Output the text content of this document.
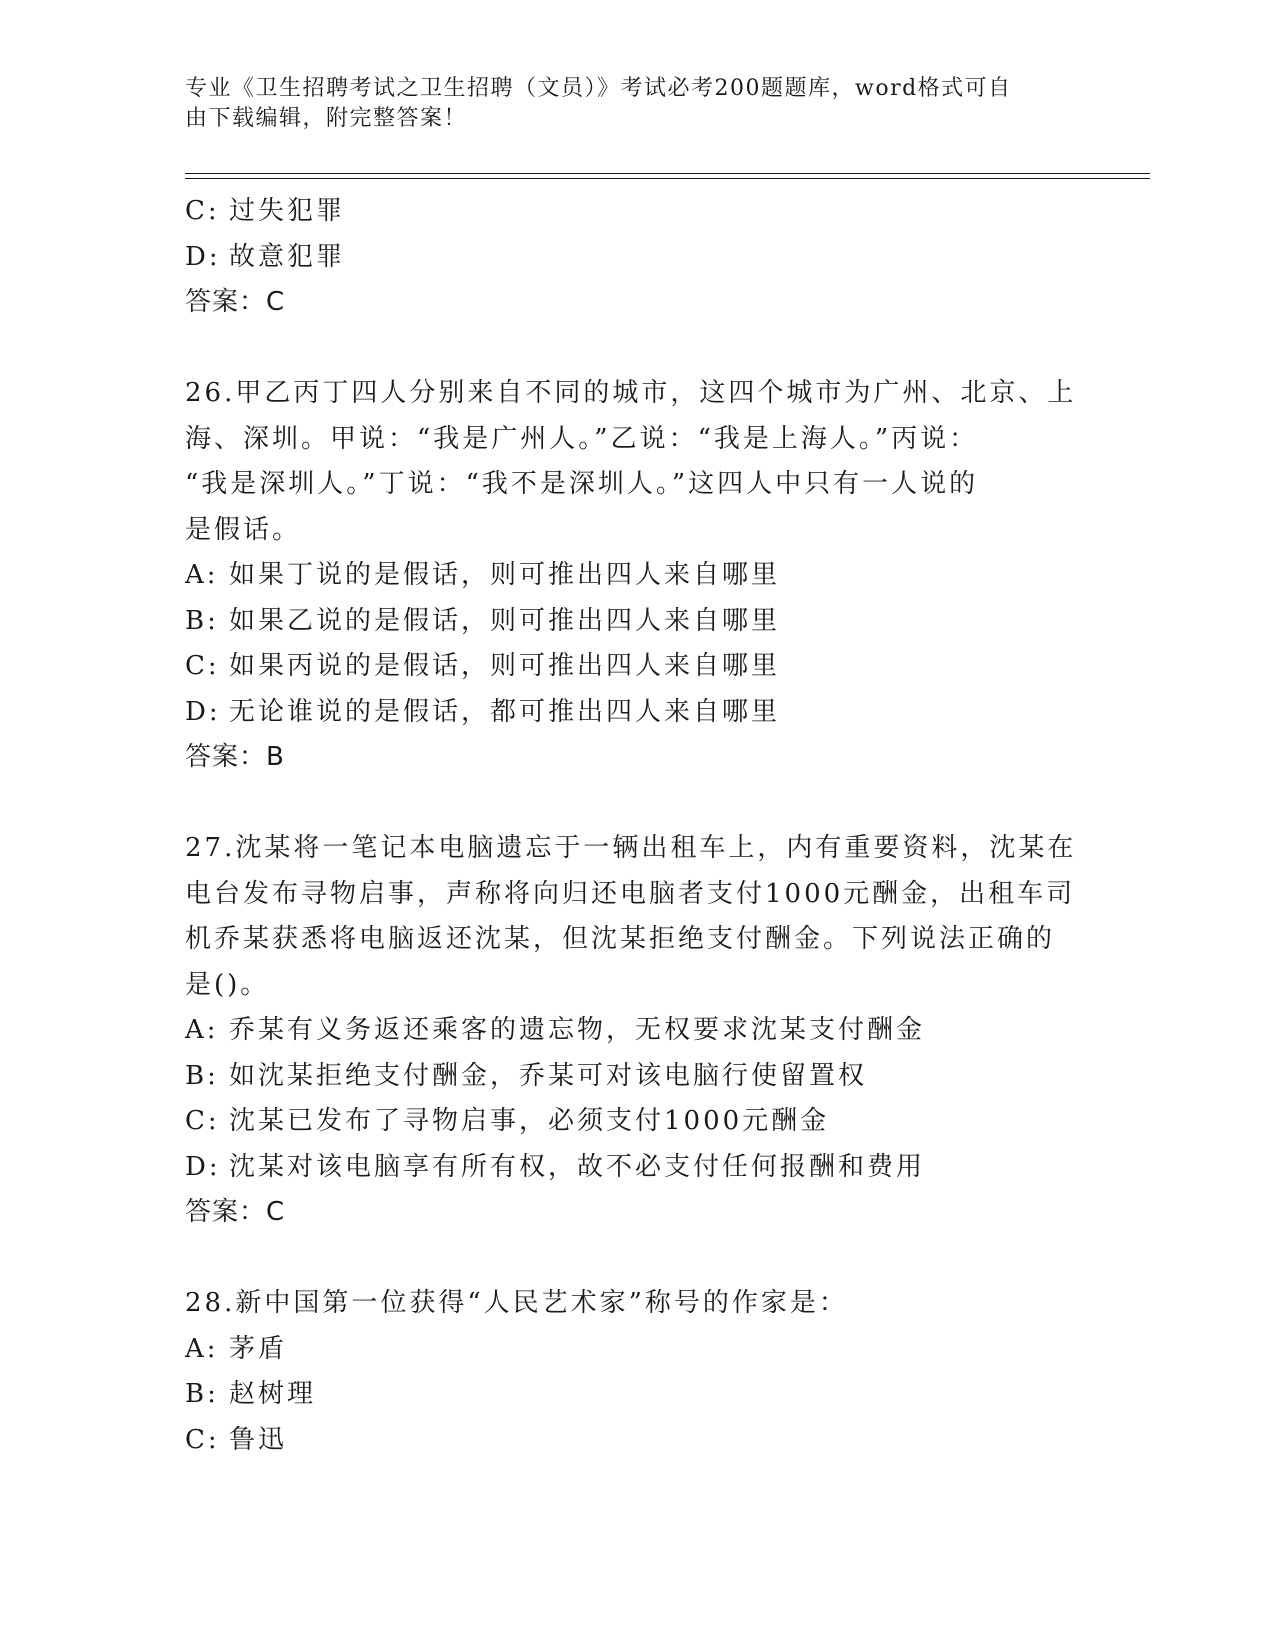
专业《卫生招聘考试之卫生招聘（文员）》考试必考200题题库，word格式可自
由下载编辑，附完整答案！
C: 过失犯罪
D: 故意犯罪
答案：C
26.甲乙丙丁四人分别来自不同的城市，这四个城市为广州、北京、上
海、深圳。甲说：“我是广州人。”乙说：“我是上海人。”丙说：
“我是深圳人。”丁说：“我不是深圳人。”这四人中只有一人说的
是假话。
A: 如果丁说的是假话，则可推出四人来自哪里
B: 如果乙说的是假话，则可推出四人来自哪里
C: 如果丙说的是假话，则可推出四人来自哪里
D: 无论谁说的是假话，都可推出四人来自哪里
答案：B
27.沈某将一笔记本电脑遗忘于一辆出租车上，内有重要资料，沈某在
电台发布寻物启事，声称将向归还电脑者支付1000元酬金，出租车司
机乔某获悉将电脑返还沈某，但沈某拒绝支付酬金。下列说法正确的
是()。
A: 乔某有义务返还乘客的遗忘物，无权要求沈某支付酬金
B: 如沈某拒绝支付酬金，乔某可对该电脑行使留置权
C: 沈某已发布了寻物启事，必须支付1000元酬金
D: 沈某对该电脑享有所有权，故不必支付任何报酬和费用
答案：C
28.新中国第一位获得“人民艺术家”称号的作家是：
A: 茅盾
B: 赵树理
C: 鲁迅
